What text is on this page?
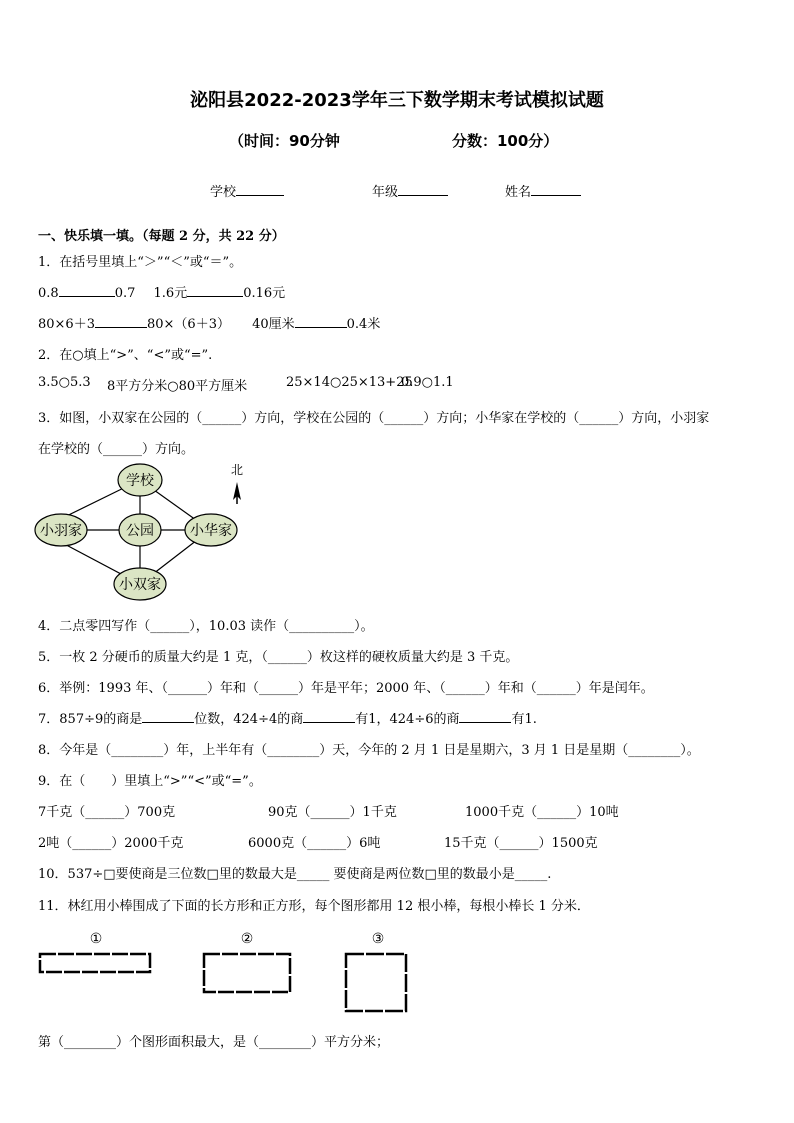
泌阳县2022-2023学年三下数学期末考试模拟试题
（时间：90分钟	分数：100分）
学校	年级	姓名
一、快乐填一填。（每题 2 分，共 22 分）
1．在括号里填上“＞”“＜”或“＝”。
0.8	0.7 1.6元	0.16元
80×6＋3	80×（6＋3） 40厘米	0.4米
2．在○填上“>”、“<”或“=”.
3.5○5.3 8平方分米○80平方厘米	25×14○25×13+25
0.9○1.1
3．如图，小双家在公园的（______）方向，学校在公园的（______）方向；小华家在学校的（______）方向，小羽家
在学校的（______）方向。
学校
公园
小羽家	小华家
小双家
北
4．二点零四写作（______），10.03 读作（__________）。
5．一枚 2 分硬币的质量大约是 1 克，（______）枚这样的硬枚质量大约是 3 千克。
6．举例：1993 年、（______）年和（______）年是平年；2000 年、（______）年和（______）年是闰年。
7．857÷9的商是	位数，424÷4的商	有1，424÷6的商	有1.
8．今年是（________）年，上半年有（________）天，今年的 2 月 1 日是星期六，3 月 1 日是星期（________）。
9．在（　　）里填上“>”“<”或“=”。
7千克（______）700克	90克（______）1千克	1000千克（______）10吨
2吨（______）2000千克	6000克（______）6吨	15千克（______）1500克
10．537÷□要使商是三位数□里的数最大是_____ 要使商是两位数□里的数最小是_____.
11．林红用小棒围成了下面的长方形和正方形，每个图形都用 12 根小棒，每根小棒长 1 分米．
①	②	③
第（________）个图形面积最大，是（________）平方分米；
